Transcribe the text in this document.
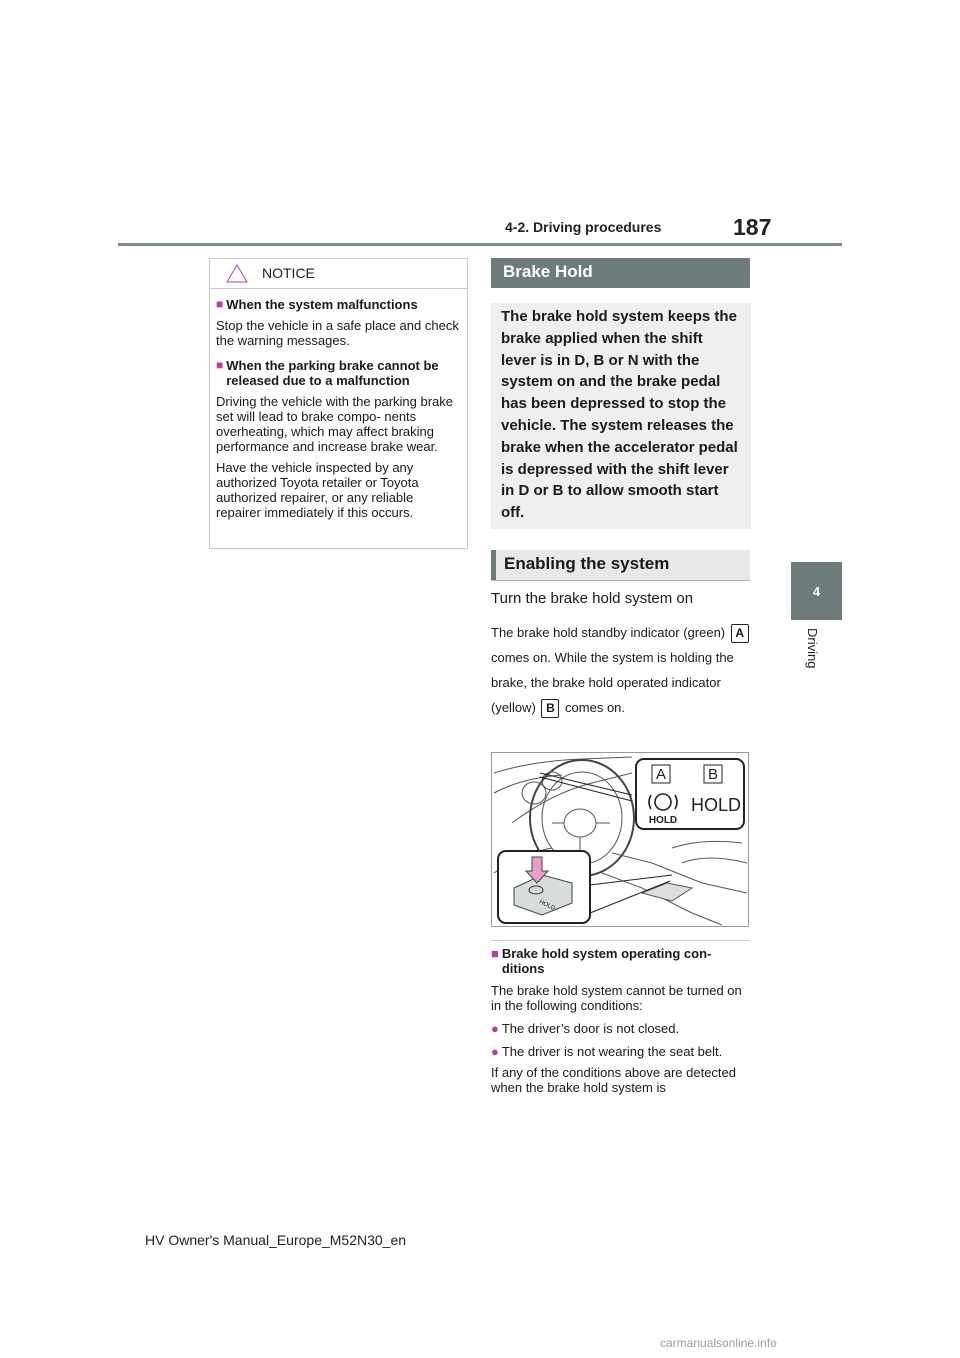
4-2. Driving procedures	187
4
Driving
NOTICE
■ When the system malfunctions

Stop the vehicle in a safe place and check the warning messages.

■ When the parking brake cannot be released due to a malfunction

Driving the vehicle with the parking brake set will lead to brake compo- nents overheating, which may affect braking performance and increase brake wear.

Have the vehicle inspected by any authorized Toyota retailer or Toyota authorized repairer, or any reliable repairer immediately if this occurs.

Brake Hold

The brake hold system keeps the brake applied when the shift lever is in D, B or N with the system on and the brake pedal has been depressed to stop the vehicle. The system releases the brake when the accelerator pedal is depressed with the shift lever in D or B to allow smooth start off.

Enabling the system
Turn the brake hold system on
The brake hold standby indicator (green) A comes on. While the system is holding the brake, the brake hold operated indicator (yellow) B comes on.
A	B
HOLD
HOLD
HOLD
■ Brake hold system operating con- ditions
The brake hold system cannot be turned on in the following conditions:
● The driver’s door is not closed.
● The driver is not wearing the seat belt.
If any of the conditions above are detected when the brake hold system is
HV Owner's Manual_Europe_M52N30_en
carmanualsonline.info
